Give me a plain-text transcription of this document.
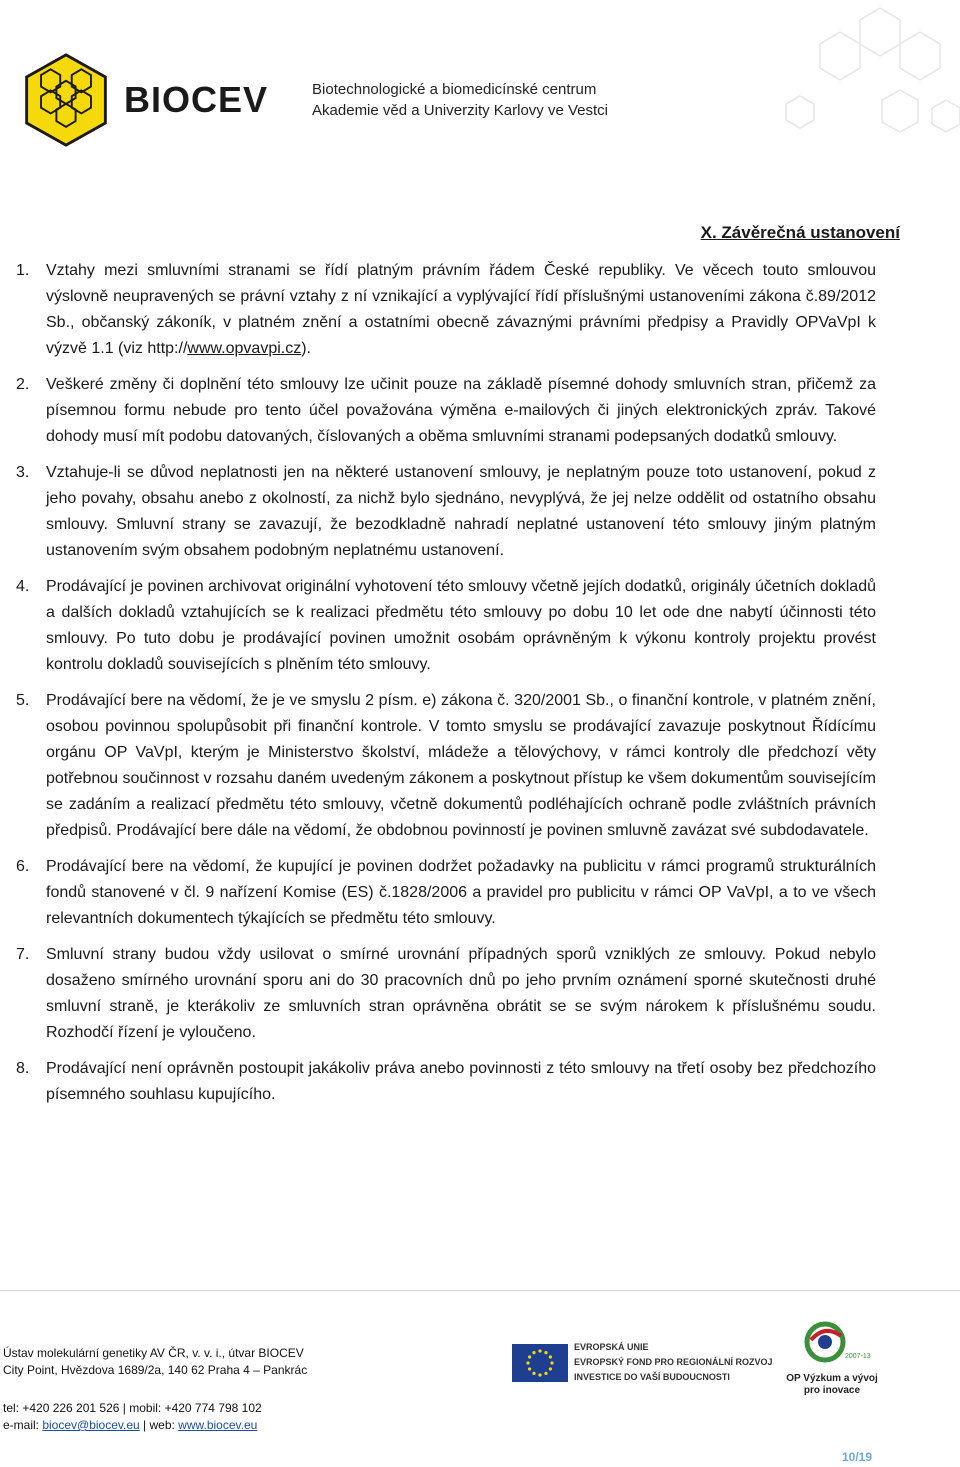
BIOCEV	Biotechnologické a biomedicínské centrum
Akademie věd a Univerzity Karlovy ve Vestci
X. Závěrečná ustanovení
1.	Vztahy mezi smluvními stranami se řídí platným právním řádem České republiky. Ve věcech touto smlouvou výslovně neupravených se právní vztahy z ní vznikající a vyplývající řídí příslušnými ustanoveními zákona č.89/2012 Sb., občanský zákoník, v platném znění a ostatními obecně závaznými právními předpisy a Pravidly OPVaVpI k výzvě 1.1 (viz http://www.opvavpi.cz).
2.	Veškeré změny či doplnění této smlouvy lze učinit pouze na základě písemné dohody smluvních stran, přičemž za písemnou formu nebude pro tento účel považována výměna e-mailových či jiných elektronických zpráv. Takové dohody musí mít podobu datovaných, číslovaných a oběma smluvními stranami podepsaných dodatků smlouvy.
3.	Vztahuje-li se důvod neplatnosti jen na některé ustanovení smlouvy, je neplatným pouze toto ustanovení, pokud z jeho povahy, obsahu anebo z okolností, za nichž bylo sjednáno, nevyplývá, že jej nelze oddělit od ostatního obsahu smlouvy. Smluvní strany se zavazují, že bezodkladně nahradí neplatné ustanovení této smlouvy jiným platným ustanovením svým obsahem podobným neplatnému ustanovení.
4.	Prodávající je povinen archivovat originální vyhotovení této smlouvy včetně jejích dodatků, originály účetních dokladů a dalších dokladů vztahujících se k realizaci předmětu této smlouvy po dobu 10 let ode dne nabytí účinnosti této smlouvy. Po tuto dobu je prodávající povinen umožnit osobám oprávněným k výkonu kontroly projektu provést kontrolu dokladů souvisejících s plněním této smlouvy.
5.	Prodávající bere na vědomí, že je ve smyslu 2 písm. e) zákona č. 320/2001 Sb., o finanční kontrole, v platném znění, osobou povinnou spolupůsobit při finanční kontrole. V tomto smyslu se prodávající zavazuje poskytnout Řídícímu orgánu OP VaVpI, kterým je Ministerstvo školství, mládeže a tělovýchovy, v rámci kontroly dle předchozí věty potřebnou součinnost v rozsahu daném uvedeným zákonem a poskytnout přístup ke všem dokumentům souvisejícím se zadáním a realizací předmětu této smlouvy, včetně dokumentů podléhajících ochraně podle zvláštních právních předpisů. Prodávající bere dále na vědomí, že obdobnou povinností je povinen smluvně zavázat své subdodavatele.
6.	Prodávající bere na vědomí, že kupující je povinen dodržet požadavky na publicitu v rámci programů strukturálních fondů stanovené v čl. 9 nařízení Komise (ES) č.1828/2006 a pravidel pro publicitu v rámci OP VaVpI, a to ve všech relevantních dokumentech týkajících se předmětu této smlouvy.
7.	Smluvní strany budou vždy usilovat o smírné urovnání případných sporů vzniklých ze smlouvy. Pokud nebylo dosaženo smírného urovnání sporu ani do 30 pracovních dnů po jeho prvním oznámení sporné skutečnosti druhé smluvní straně, je kterákoliv ze smluvních stran oprávněna obrátit se se svým nárokem k příslušnému soudu. Rozhodčí řízení je vyloučeno.
8.	Prodávající není oprávněn postoupit jakákoliv práva anebo povinnosti z této smlouvy na třetí osoby bez předchozího písemného souhlasu kupujícího.
Ústav molekulární genetiky AV ČR, v. v. i., útvar BIOCEV
City Point, Hvězdova 1689/2a, 140 62 Praha 4 – Pankrác
tel: +420 226 201 526 | mobil: +420 774 798 102
e-mail: biocev@biocev.eu | web: www.biocev.eu
EVROPSKÁ UNIE
EVROPSKÝ FOND PRO REGIONÁLNÍ ROZVOJ
INVESTICE DO VAŠÍ BUDOUCNOSTI
2007-13
OP Výzkum a vývoj
pro inovace
10/19
